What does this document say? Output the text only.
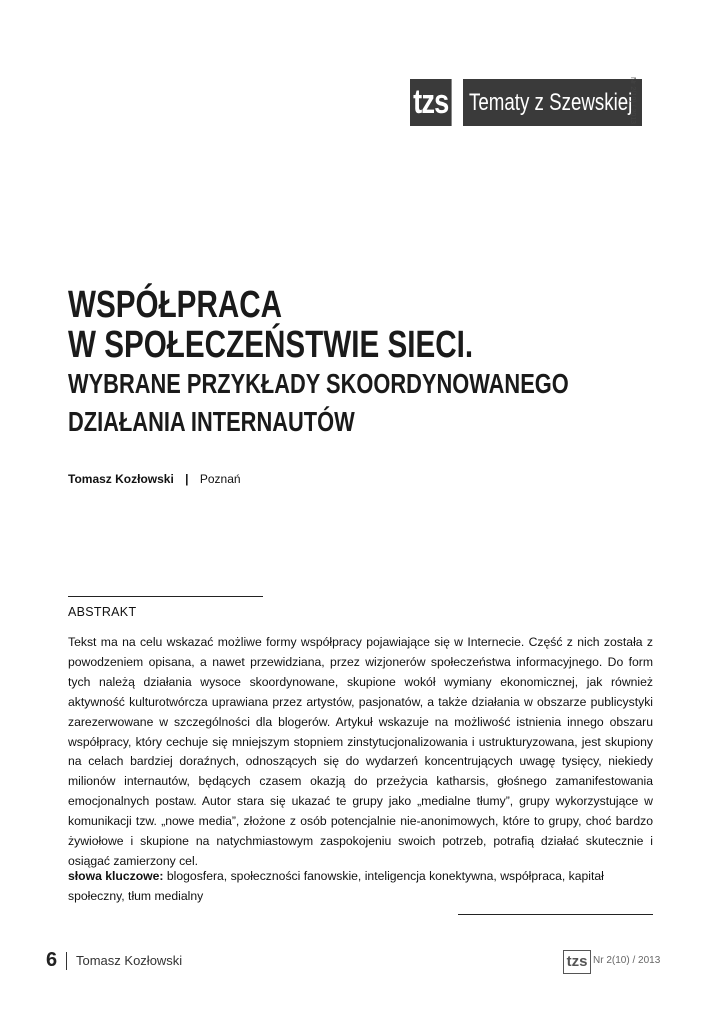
tzs Tematy z Szewskiej
Nr 2(10) / 2013
WSPÓŁPRACA
W SPOŁECZEŃSTWIE SIECI.
WYBRANE PRZYKŁADY SKOORDYNOWANEGO
DZIAŁANIA INTERNAUTÓW
Tomasz Kozłowski | Poznań
ABSTRAKT

Tekst ma na celu wskazać możliwe formy współpracy pojawiające się w Internecie. Część z nich została z powodzeniem opisana, a nawet przewidziana, przez wizjonerów społeczeństwa informacyjnego. Do form tych należą działania wysoce skoordynowane, skupione wokół wymiany ekonomicznej, jak również aktywność kulturotwórcza uprawiana przez artystów, pasjonatów, a także działania w obszarze publicystyki zarezerwowane w szczególności dla blogerów. Artykuł wskazuje na możliwość istnienia innego obszaru współpracy, który cechuje się mniejszym stopniem zinstytucjonalizowania i ustrukturyzowana, jest skupiony na celach bardziej doraźnych, odnoszących się do wydarzeń koncentrujących uwagę tysięcy, niekiedy milionów internautów, będących czasem okazją do przeżycia katharsis, głośnego zamanifestowania emocjonalnych postaw. Autor stara się ukazać te grupy jako „medialne tłumy”, grupy wykorzystujące w komunikacji tzw. „nowe media”, złożone z osób potencjalnie nie-anonimowych, które to grupy, choć bardzo żywiołowe i skupione na natychmiastowym zaspokojeniu swoich potrzeb, potrafią działać skutecznie i osiągać zamierzony cel.

słowa kluczowe: blogosfera, społeczności fanowskie, inteligencja konektywna, współpraca, kapitał społeczny, tłum medialny
6 Tomasz Kozłowski	tzs Nr 2(10) / 2013
